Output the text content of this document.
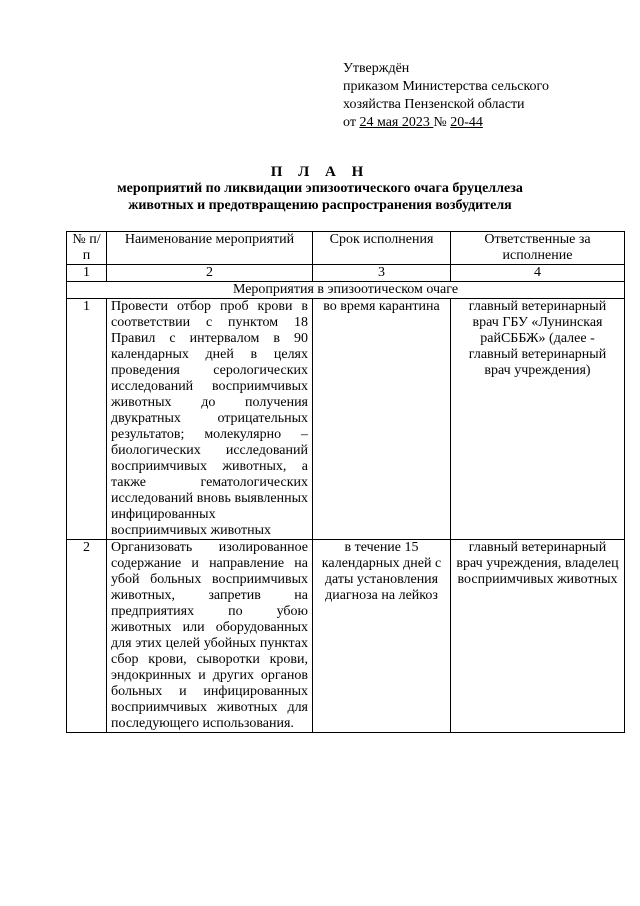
Утверждён
приказом Министерства сельского
хозяйства Пензенской области
от 24 мая 2023 № 20-44
П Л А Н
мероприятий по ликвидации эпизоотического очага бруцеллеза
животных и предотвращению распространения возбудителя
№ п/п	Наименование мероприятий	Срок исполнения	Ответственные за исполнение
1	2	3	4
Мероприятия в эпизоотическом очаге			
1	Провести отбор проб крови в соответствии с пунктом 18 Правил с интервалом в 90 календарных дней в целях проведения серологических исследований восприимчивых животных до получения двукратных отрицательных результатов; молекулярно – биологических исследований восприимчивых животных, а также гематологических исследований вновь выявленных инфицированных восприимчивых животных	во время карантина	главный ветеринарный врач ГБУ «Лунинская райСББЖ» (далее - главный ветеринарный врач учреждения)
2	Организовать изолированное содержание и направление на убой больных восприимчивых животных, запретив на предприятиях по убою животных или оборудованных для этих целей убойных пунктах сбор крови, сыворотки крови, эндокринных и других органов больных и инфицированных восприимчивых животных для последующего использования.	в течение 15 календарных дней с даты установления диагноза на лейкоз	главный ветеринарный врач учреждения, владелец восприимчивых животных
